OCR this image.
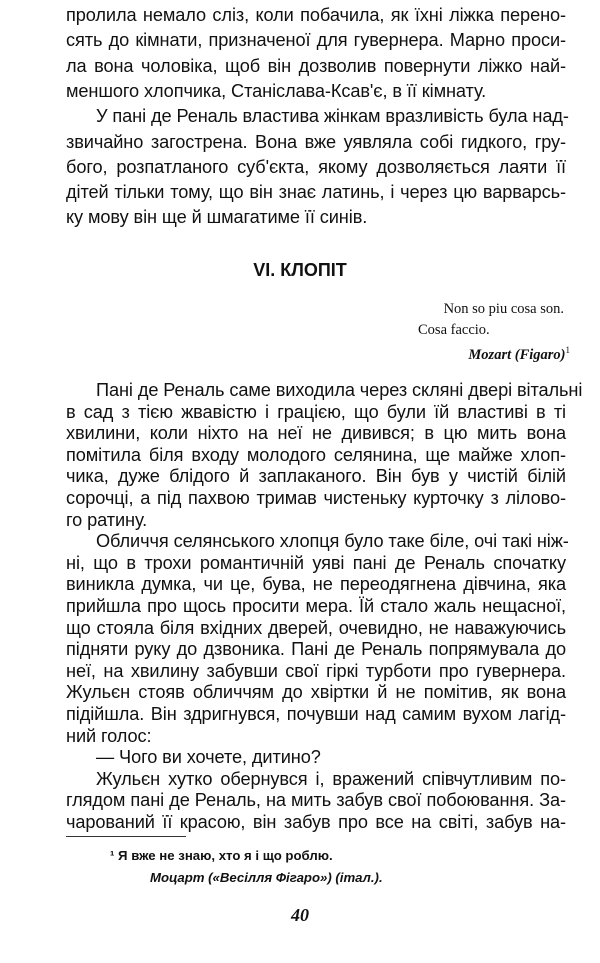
пролила немало сліз, коли побачила, як їхні ліжка перено-
сять до кімнати, призначеної для гувернера. Марно проси-
ла вона чоловіка, щоб він дозволив повернути ліжко най-
меншого хлопчика, Станіслава-Ксав'є, в її кімнату.
У пані де Реналь властива жінкам вразливість була над-
звичайно загострена. Вона вже уявляла собі гидкого, гру-
бого, розпатланого суб'єкта, якому дозволяється лаяти її
дітей тільки тому, що він знає латинь, і через цю варварсь-
ку мову він ще й шмагатиме її синів.
VI. КЛОПІТ
Non so piu cosa son.
Cosa faccio.
Mozart (Figaro)$^1$
Пані де Реналь саме виходила через скляні двері вітальні
в сад з тією жвавістю і грацією, що були їй властиві в ті
хвилини, коли ніхто на неї не дивився; в цю мить вона
помітила біля входу молодого селянина, ще майже хлоп-
чика, дуже блідого й заплаканого. Він був у чистій білій
сорочці, а під пахвою тримав чистеньку курточку з лілово-
го ратину.
Обличчя селянського хлопця було таке біле, очі такі ніж-
ні, що в трохи романтичній уяві пані де Реналь спочатку
виникла думка, чи це, бува, не переодягнена дівчина, яка
прийшла про щось просити мера. Їй стало жаль нещасної,
що стояла біля вхідних дверей, очевидно, не наважуючись
підняти руку до дзвоника. Пані де Реналь попрямувала до
неї, на хвилину забувши свої гіркі турботи про гувернера.
Жульєн стояв обличчям до хвіртки й не помітив, як вона
підійшла. Він здригнувся, почувши над самим вухом лагід-
ний голос:
— Чого ви хочете, дитино?
Жульєн хутко обернувся і, вражений співчутливим по-
глядом пані де Реналь, на мить забув свої побоювання. За-
чарований її красою, він забув про все на світі, забув на-
¹ Я вже не знаю, хто я і що роблю.
Моцарт («Весілля Фігаро») (італ.).
40
